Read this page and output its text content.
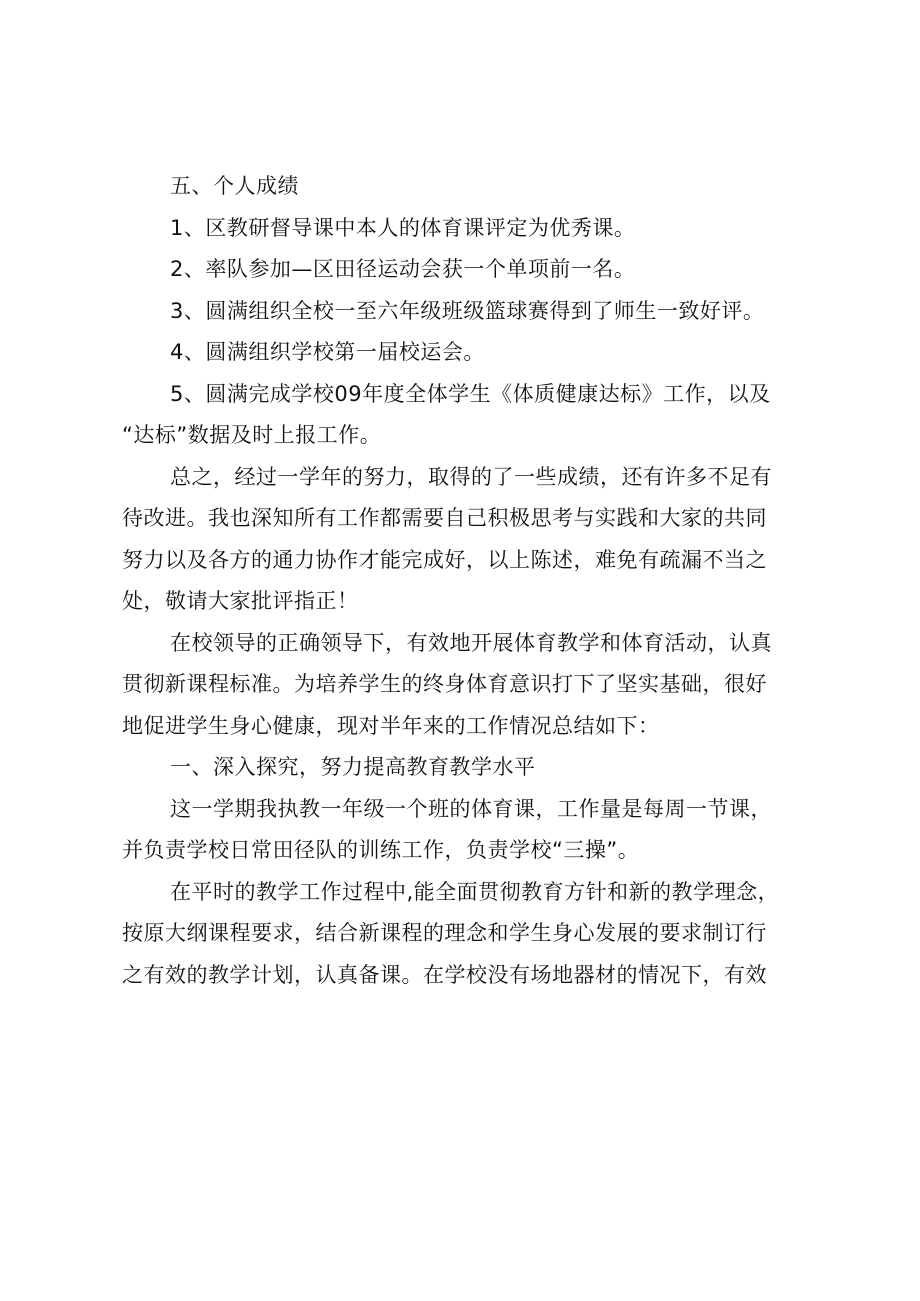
五、个人成绩

1、区教研督导课中本人的体育课评定为优秀课。

2、率队参加—区田径运动会获一个单项前一名。

3、圆满组织全校一至六年级班级篮球赛得到了师生一致好评。

4、圆满组织学校第一届校运会。

5、圆满完成学校09年度全体学生《体质健康达标》工作，以及
“达标”数据及时上报工作。

总之，经过一学年的努力，取得的了一些成绩，还有许多不足有
待改进。我也深知所有工作都需要自己积极思考与实践和大家的共同
努力以及各方的通力协作才能完成好，以上陈述，难免有疏漏不当之
处，敬请大家批评指正！

在校领导的正确领导下，有效地开展体育教学和体育活动，认真
贯彻新课程标准。为培养学生的终身体育意识打下了坚实基础，很好
地促进学生身心健康，现对半年来的工作情况总结如下：

一、深入探究，努力提高教育教学水平

这一学期我执教一年级一个班的体育课，工作量是每周一节课，
并负责学校日常田径队的训练工作，负责学校“三操”。

在平时的教学工作过程中,能全面贯彻教育方针和新的教学理念，
按原大纲课程要求，结合新课程的理念和学生身心发展的要求制订行
之有效的教学计划，认真备课。在学校没有场地器材的情况下，有效
